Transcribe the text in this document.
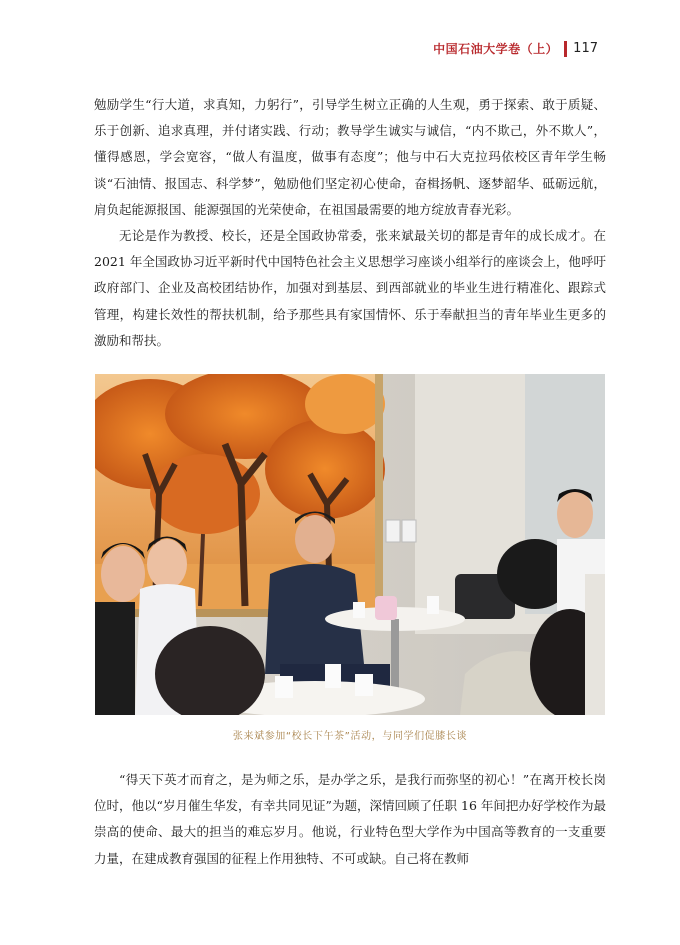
中国石油大学卷（上） 117

勉励学生“行大道，求真知，力躬行”，引导学生树立正确的人生观，勇于探索、敢于质疑、乐于创新、追求真理，并付诸实践、行动；教导学生诚实与诚信，“内不欺己，外不欺人”，懂得感恩，学会宽容，“做人有温度，做事有态度”；他与中石大克拉玛依校区青年学生畅谈“石油情、报国志、科学梦”，勉励他们坚定初心使命，奋楫扬帆、逐梦韶华、砥砺远航，肩负起能源报国、能源强国的光荣使命，在祖国最需要的地方绽放青春光彩。

无论是作为教授、校长，还是全国政协常委，张来斌最关切的都是青年的成长成才。在 2021 年全国政协习近平新时代中国特色社会主义思想学习座谈小组举行的座谈会上，他呼吁政府部门、企业及高校团结协作，加强对到基层、到西部就业的毕业生进行精准化、跟踪式管理，构建长效性的帮扶机制，给予那些具有家国情怀、乐于奉献担当的青年毕业生更多的激励和帮扶。

张来斌参加“校长下午茶”活动，与同学们促膝长谈

“得天下英才而育之，是为师之乐，是办学之乐，是我行而弥坚的初心！”在离开校长岗位时，他以“岁月催生华发，有幸共同见证”为题，深情回顾了任职 16 年间把办好学校作为最崇高的使命、最大的担当的难忘岁月。他说，行业特色型大学作为中国高等教育的一支重要力量，在建成教育强国的征程上作用独特、不可或缺。自己将在教师
